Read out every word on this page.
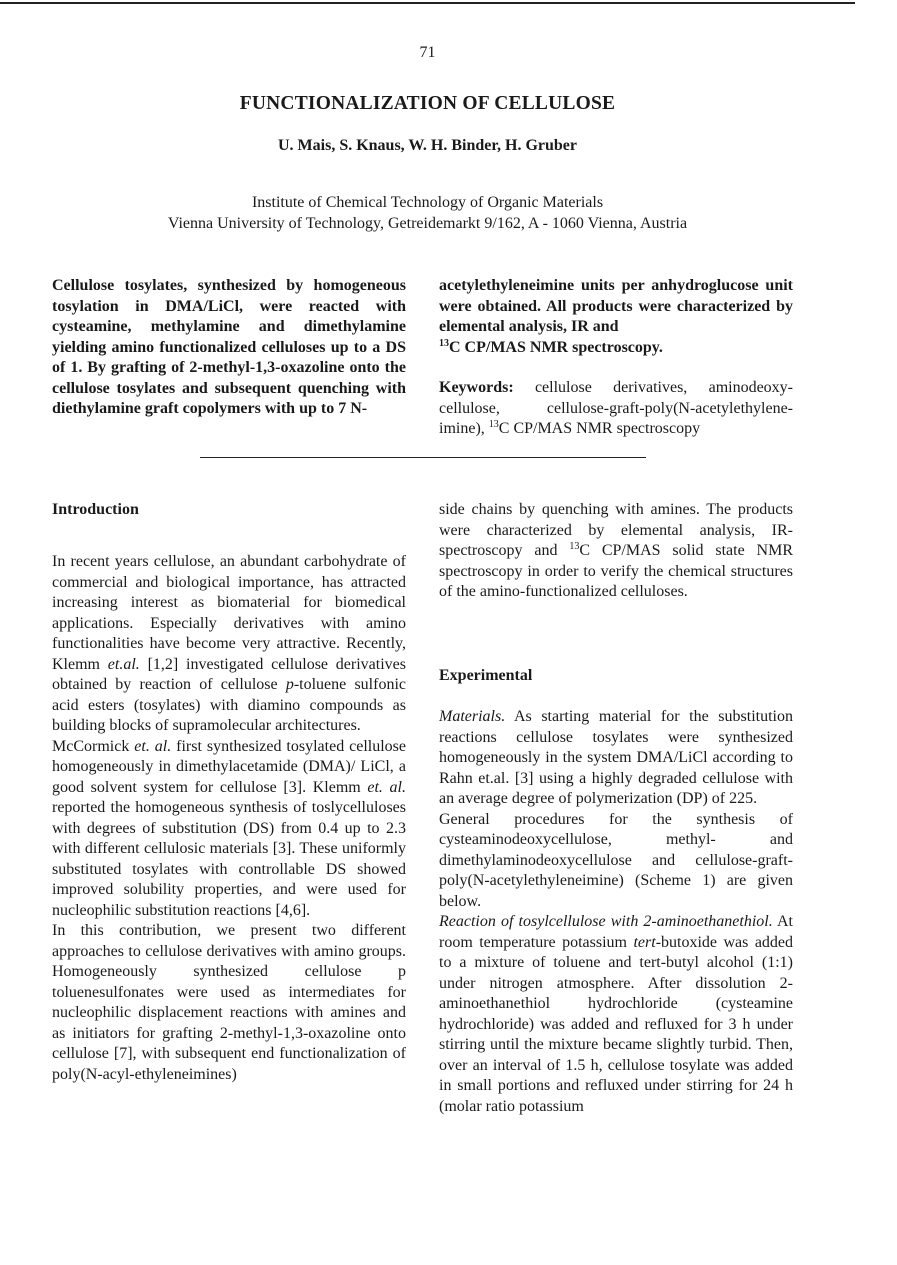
71
FUNCTIONALIZATION OF CELLULOSE
U. Mais, S. Knaus, W. H. Binder, H. Gruber
Institute of Chemical Technology of Organic Materials
Vienna University of Technology, Getreidemarkt 9/162, A - 1060 Vienna, Austria

Cellulose tosylates, synthesized by homogeneous tosylation in DMA/LiCl, were reacted with cysteamine, methylamine and dimethylamine yielding amino functionalized celluloses up to a DS of 1. By grafting of 2-methyl-1,3-oxazoline onto the cellulose tosylates and subsequent quenching with diethylamine graft copolymers with up to 7 N-

acetylethyleneimine units per anhydroglucose unit were obtained. All products were characterized by elemental analysis, IR and
$^{13}$C CP/MAS NMR spectroscopy.

Keywords: cellulose derivatives, aminodeoxy-cellulose, cellulose-graft-poly(N-acetylethylene-imine), $^{13}$C CP/MAS NMR spectroscopy

Introduction

In recent years cellulose, an abundant carbohydrate of commercial and biological importance, has attracted increasing interest as biomaterial for biomedical applications. Especially derivatives with amino functionalities have become very attractive. Recently, Klemm et.al. [1,2] investigated cellulose derivatives obtained by reaction of cellulose p-toluene sulfonic acid esters (tosylates) with diamino compounds as building blocks of supramolecular architectures.

McCormick et. al. first synthesized tosylated cellulose homogeneously in dimethylacetamide (DMA)/ LiCl, a good solvent system for cellulose [3]. Klemm et. al. reported the homogeneous synthesis of toslycelluloses with degrees of substitution (DS) from 0.4 up to 2.3 with different cellulosic materials [3]. These uniformly substituted tosylates with controllable DS showed improved solubility properties, and were used for nucleophilic substitution reactions [4,6].

In this contribution, we present two different approaches to cellulose derivatives with amino groups. Homogeneously synthesized cellulose p toluenesulfonates were used as intermediates for nucleophilic displacement reactions with amines and as initiators for grafting 2-methyl-1,3-oxazoline onto cellulose [7], with subsequent end functionalization of poly(N-acyl-ethyleneimines)

side chains by quenching with amines. The products were characterized by elemental analysis, IR-spectroscopy and $^{13}$C CP/MAS solid state NMR spectroscopy in order to verify the chemical structures of the amino-functionalized celluloses.

Experimental

Materials. As starting material for the substitution reactions cellulose tosylates were synthesized homogeneously in the system DMA/LiCl according to Rahn et.al. [3] using a highly degraded cellulose with an average degree of polymerization (DP) of 225.

General procedures for the synthesis of cysteaminodeoxycellulose, methyl- and dimethylaminodeoxycellulose and cellulose-graft-poly(N-acetylethyleneimine) (Scheme 1) are given below.

Reaction of tosylcellulose with 2-aminoethanethiol. At room temperature potassium tert-butoxide was added to a mixture of toluene and tert-butyl alcohol (1:1) under nitrogen atmosphere. After dissolution 2-aminoethanethiol hydrochloride (cysteamine hydrochloride) was added and refluxed for 3 h under stirring until the mixture became slightly turbid. Then, over an interval of 1.5 h, cellulose tosylate was added in small portions and refluxed under stirring for 24 h (molar ratio potassium
